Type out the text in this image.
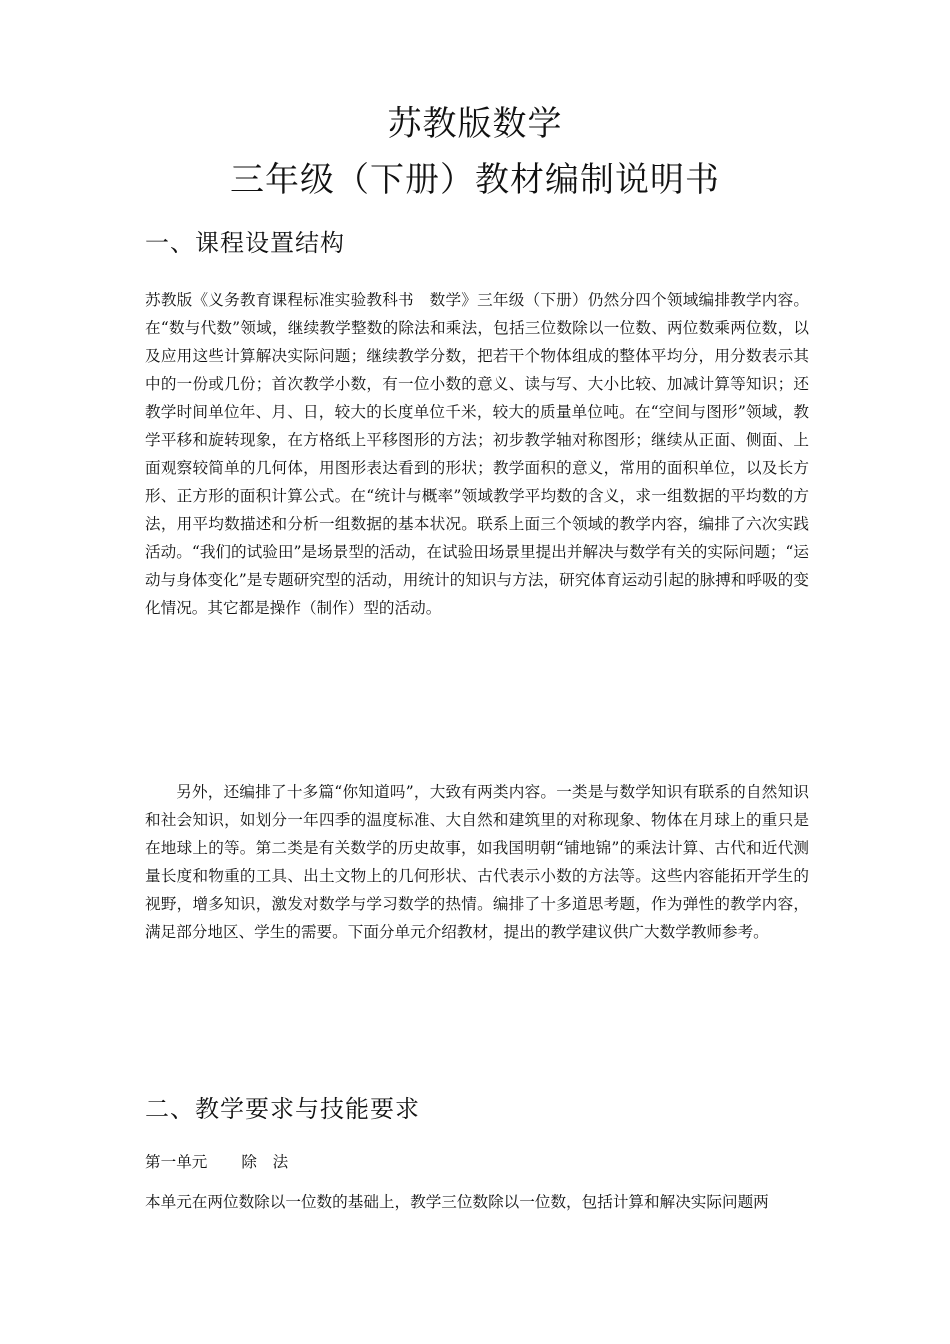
苏教版数学
三年级（下册）教材编制说明书
一、课程设置结构

苏教版《义务教育课程标准实验教科书　数学》三年级（下册）仍然分四个领域编排教学内容。在“数与代数”领域，继续教学整数的除法和乘法，包括三位数除以一位数、两位数乘两位数，以及应用这些计算解决实际问题；继续教学分数，把若干个物体组成的整体平均分，用分数表示其中的一份或几份；首次教学小数，有一位小数的意义、读与写、大小比较、加减计算等知识；还教学时间单位年、月、日，较大的长度单位千米，较大的质量单位吨。在“空间与图形”领域，教学平移和旋转现象，在方格纸上平移图形的方法；初步教学轴对称图形；继续从正面、侧面、上面观察较简单的几何体，用图形表达看到的形状；教学面积的意义，常用的面积单位，以及长方形、正方形的面积计算公式。在“统计与概率”领域教学平均数的含义，求一组数据的平均数的方法，用平均数描述和分析一组数据的基本状况。联系上面三个领域的教学内容，编排了六次实践活动。“我们的试验田”是场景型的活动，在试验田场景里提出并解决与数学有关的实际问题；“运动与身体变化”是专题研究型的活动，用统计的知识与方法，研究体育运动引起的脉搏和呼吸的变化情况。其它都是操作（制作）型的活动。

另外，还编排了十多篇“你知道吗”，大致有两类内容。一类是与数学知识有联系的自然知识和社会知识，如划分一年四季的温度标准、大自然和建筑里的对称现象、物体在月球上的重只是在地球上的等。第二类是有关数学的历史故事，如我国明朝“铺地锦”的乘法计算、古代和近代测量长度和物重的工具、出土文物上的几何形状、古代表示小数的方法等。这些内容能拓开学生的视野，增多知识，激发对数学与学习数学的热情。编排了十多道思考题，作为弹性的教学内容，满足部分地区、学生的需要。下面分单元介绍教材，提出的教学建议供广大数学教师参考。

二、教学要求与技能要求

第一单元 除法

本单元在两位数除以一位数的基础上，教学三位数除以一位数，包括计算和解决实际问题两
